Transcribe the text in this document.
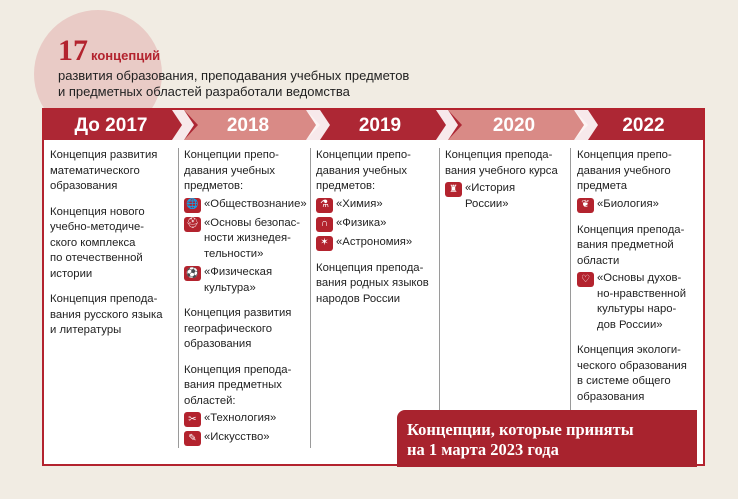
17 концепций
развития образования, преподавания учебных предметов
и предметных областей разработали ведомства
До 2017	2018	2019	2020	2022
Концепция развития
математического
образования
Концепция нового
учебно-методиче-
ского комплекса
по отечественной
истории
Концепция препода-
вания русского языка
и литературы
Концепции препо-
давания учебных
предметов:
🌐 «Обществознание»
⛑ «Основы безопас-
ности жизнедея-
тельности»
⚽ «Физическая
культура»
Концепция развития
географического
образования
Концепция препода-
вания предметных
областей:
✂ «Технология»
✎ «Искусство»
Концепции препо-
давания учебных
предметов:
⚗ «Химия»
∩ «Физика»
✶ «Астрономия»
Концепция препода-
вания родных языков
народов России
Концепция препода-
вания учебного курса
♜ «История
России»
Концепция препо-
давания учебного
предмета
❦ «Биология»
Концепция препода-
вания предметной
области
♡ «Основы духов-
но-нравственной
культуры наро-
дов России»
Концепция экологи-
ческого образования
в системе общего
образования
Концепции, которые приняты
на 1 марта 2023 года
